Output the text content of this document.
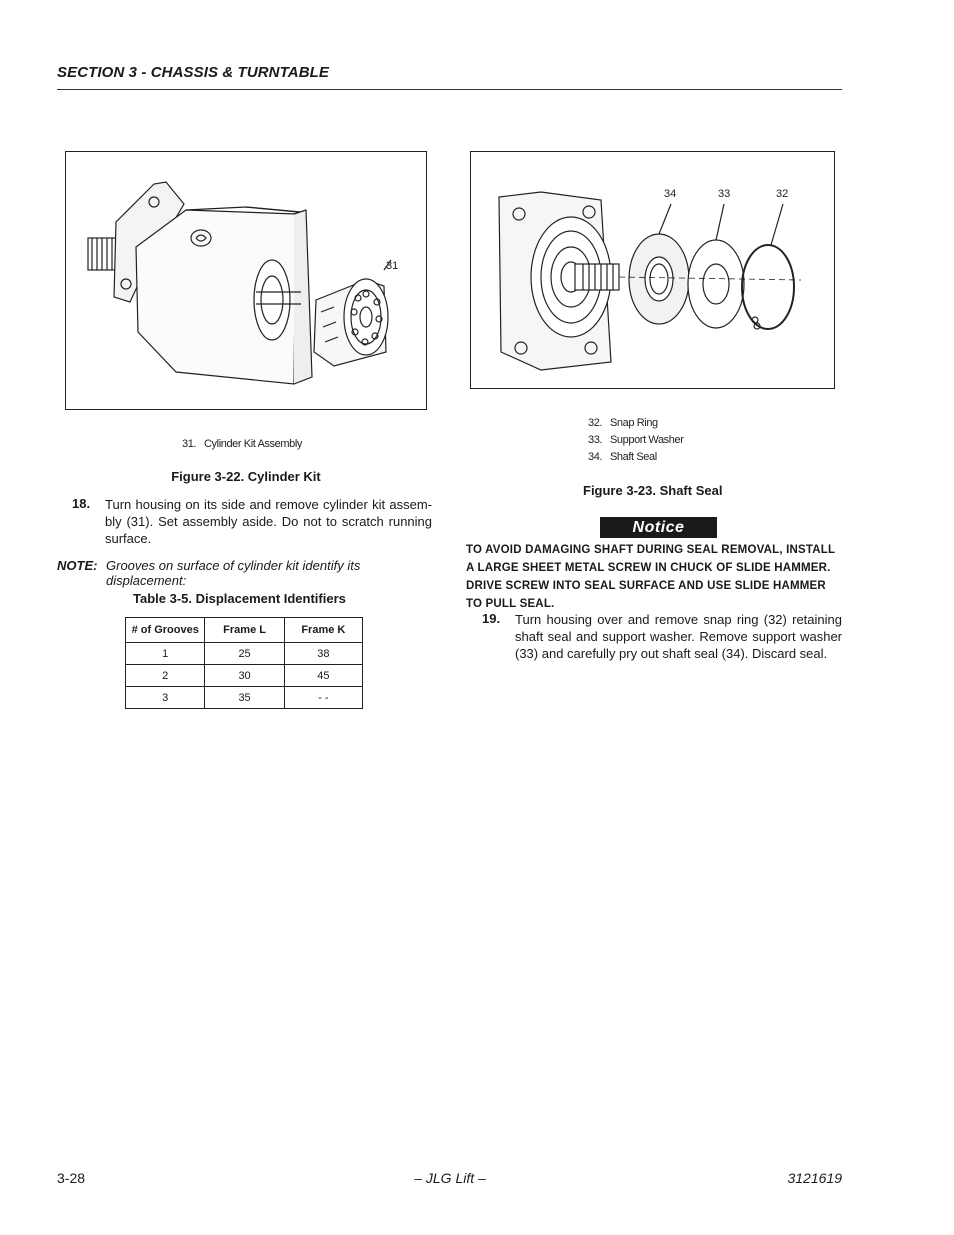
SECTION 3 - CHASSIS & TURNTABLE
31
31. Cylinder Kit Assembly
Figure 3-22. Cylinder Kit
34	33	32
32. Snap Ring
33. Support Washer
34. Shaft Seal
Figure 3-23. Shaft Seal
18. Turn housing on its side and remove cylinder kit assem-bly (31). Set assembly aside. Do not to scratch running surface.
NOTE: Grooves on surface of cylinder kit identify its displacement:
Table 3-5. Displacement Identifiers
# of Grooves	Frame L	Frame K
1	25	38
2	30	45
3	35	- -
Notice
TO AVOID DAMAGING SHAFT DURING SEAL REMOVAL, INSTALL A LARGE SHEET METAL SCREW IN CHUCK OF SLIDE HAMMER. DRIVE SCREW INTO SEAL SURFACE AND USE SLIDE HAMMER TO PULL SEAL.
19. Turn housing over and remove snap ring (32) retaining shaft seal and support washer. Remove support washer (33) and carefully pry out shaft seal (34). Discard seal.
3-28	– JLG Lift –	3121619
